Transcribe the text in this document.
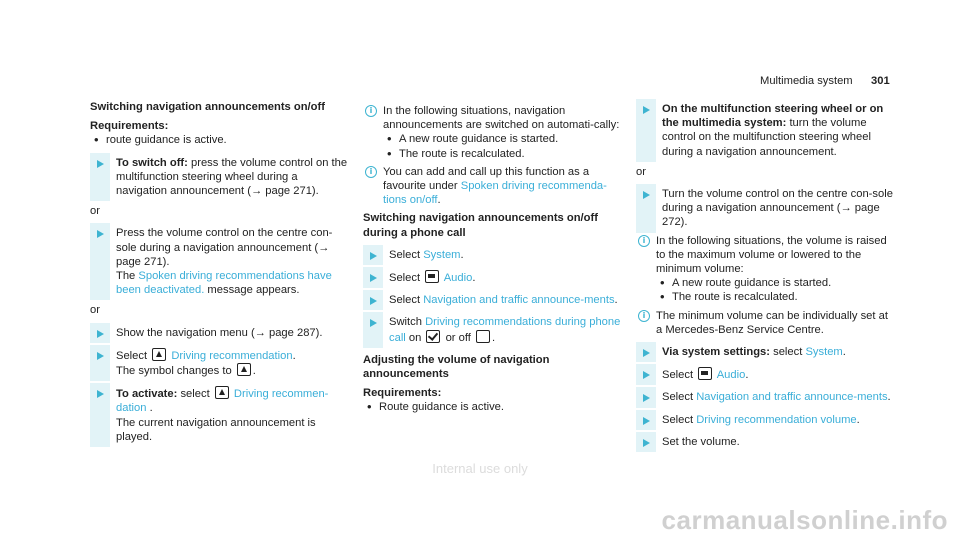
Multimedia system 301
Switching navigation announcements on/off
Requirements:
• route guidance is active.
To switch off: press the volume control on the multifunction steering wheel during a navigation announcement (→ page 271).
or
Press the volume control on the centre con-sole during a navigation announcement (→ page 271).
The Spoken driving recommendations have been deactivated. message appears.
or
Show the navigation menu (→ page 287).
Select  Driving recommendation.
The symbol changes to .
To activate: select  Driving recommen-dation .
The current navigation announcement is played.
i In the following situations, navigation announcements are switched on automati-cally:
• A new route guidance is started.
• The route is recalculated.
i You can add and call up this function as a favourite under Spoken driving recommenda-tions on/off.
Switching navigation announcements on/off during a phone call
Select System.
Select  Audio.
Select Navigation and traffic announce-ments.
Switch Driving recommendations during phone call on  or off .
Adjusting the volume of navigation announcements
Requirements:
• Route guidance is active.
On the multifunction steering wheel or on the multimedia system: turn the volume control on the multifunction steering wheel during a navigation announcement.
or
Turn the volume control on the centre con-sole during a navigation announcement (→ page 272).
i In the following situations, the volume is raised to the maximum volume or lowered to the minimum volume:
• A new route guidance is started.
• The route is recalculated.
i The minimum volume can be individually set at a Mercedes-Benz Service Centre.
Via system settings: select System.
Select  Audio.
Select Navigation and traffic announce-ments.
Select Driving recommendation volume.
Set the volume.
Internal use only
carmanualsonline.info
